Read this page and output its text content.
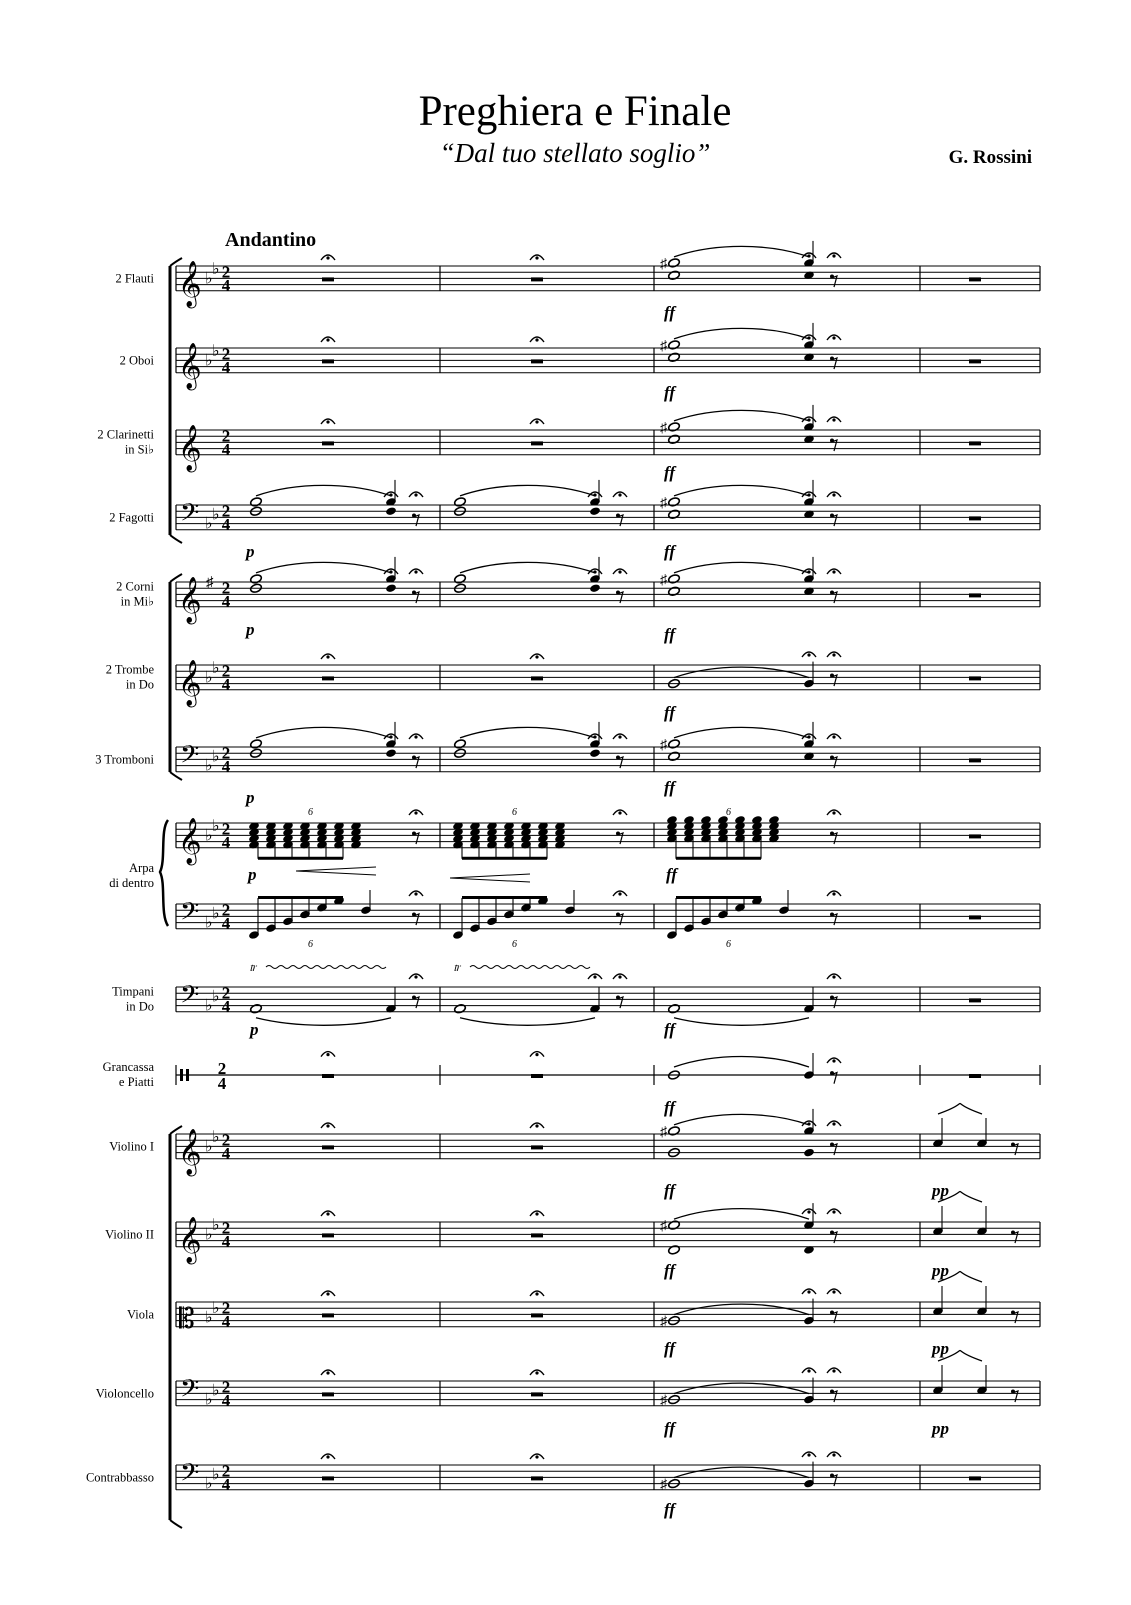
Preghiera e Finale
“Dal tuo stellato soglio”	G. Rossini
Andantino
2 Flauti
2 Oboi
2 Clarinetti
in Si♭
2 Fagotti
2 Corni
in Mi♭
2 Trombe
in Do
3 Tromboni
Arpa
di dentro
Timpani
in Do
Grancassa
e Piatti
Violino I
Violino II
Viola
Violoncello
Contrabbasso
𝄞 ♭
♭ 2
4
𝄞 ♭
♭ 2
4
𝄞 2
4
𝄢 ♭
♭ 2
4
𝄞 ♯ 2
4
𝄞 ♭
♭ 2
4
𝄢 ♭
♭ 2
4
𝄞 ♭
♭ 2
4
𝄢 ♭
♭ 2
4
𝄢 ♭
♭ 2
4
2
4
𝄞 ♭
♭ 2
4
𝄞 ♭
♭ 2
4
𝄡 ♭
♭ 2
4
𝄢 ♭
♭ 2
4
𝄢 ♭
♭ 2
4
♯
♯
♯
♯
♯
♯
6
6
6
6
6
6
𝆖	𝆖
♯
♯
♯
♯
♯
ff
ff
ff
p	ff
p	ff
ff
p
ff
p	ff
p	ff
ff
ff	pp
ff	pp
ff	pp
ff	pp
ff
